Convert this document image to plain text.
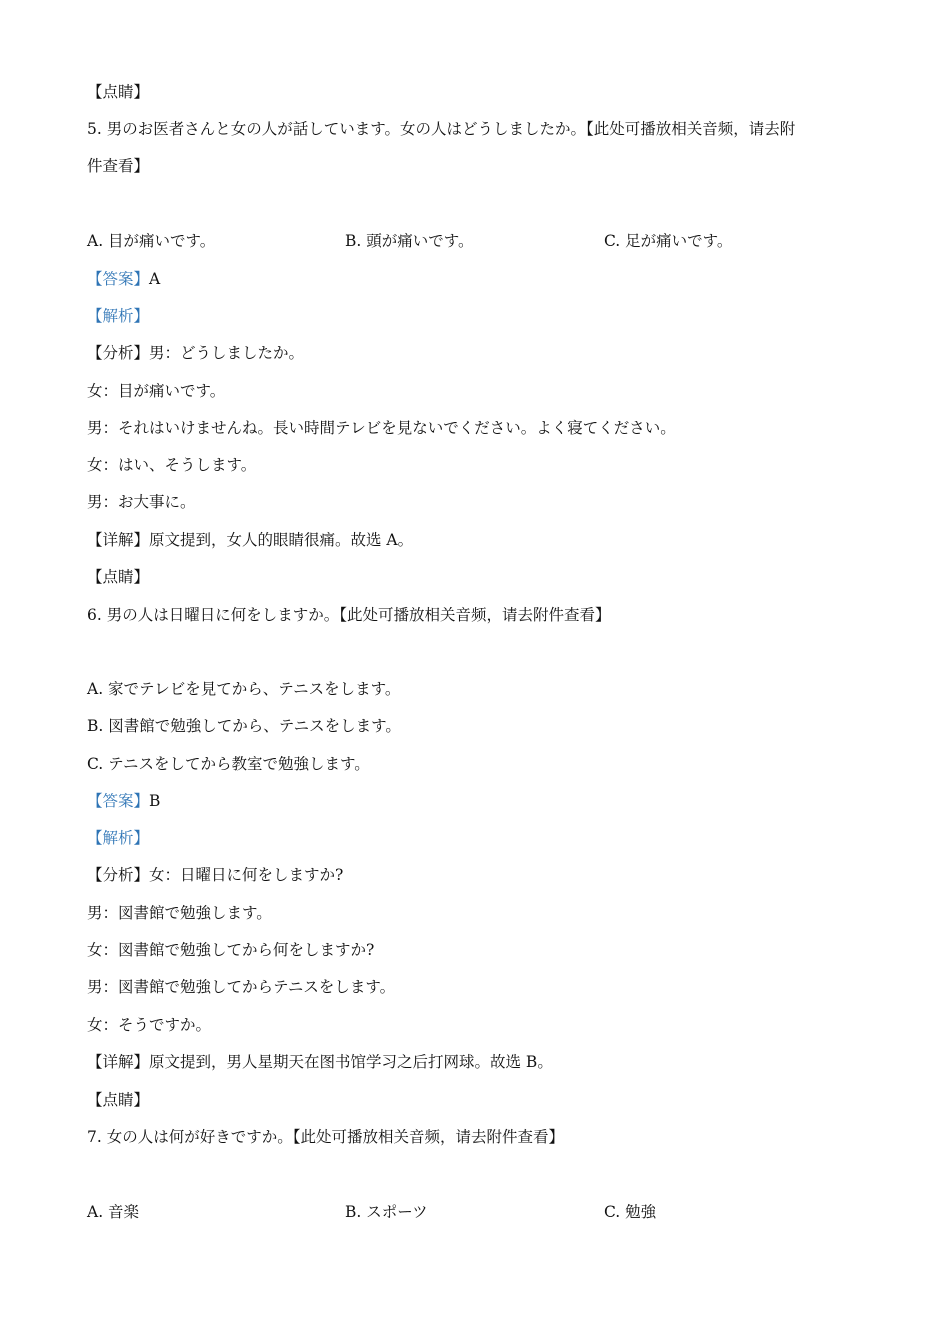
【点睛】
5. 男のお医者さんと女の人が話しています。女の人はどうしましたか。【此处可播放相关音频，请去附
件查看】
A. 目が痛いです。	B. 頭が痛いです。	C. 足が痛いです。
【答案】A
【解析】
【分析】男：どうしましたか。
女：目が痛いです。
男：それはいけませんね。長い時間テレビを見ないでください。よく寝てください。
女：はい、そうします。
男：お大事に。
【详解】原文提到，女人的眼睛很痛。故选 A。
【点睛】
6. 男の人は日曜日に何をしますか。【此处可播放相关音频，请去附件查看】
A. 家でテレビを見てから、テニスをします。
B. 図書館で勉強してから、テニスをします。
C. テニスをしてから教室で勉強します。
【答案】B
【解析】
【分析】女：日曜日に何をしますか?
男：図書館で勉強します。
女：図書館で勉強してから何をしますか?
男：図書館で勉強してからテニスをします。
女：そうですか。
【详解】原文提到，男人星期天在图书馆学习之后打网球。故选 B。
【点睛】
7. 女の人は何が好きですか。【此处可播放相关音频，请去附件查看】
A. 音楽	B. スポーツ	C. 勉強
